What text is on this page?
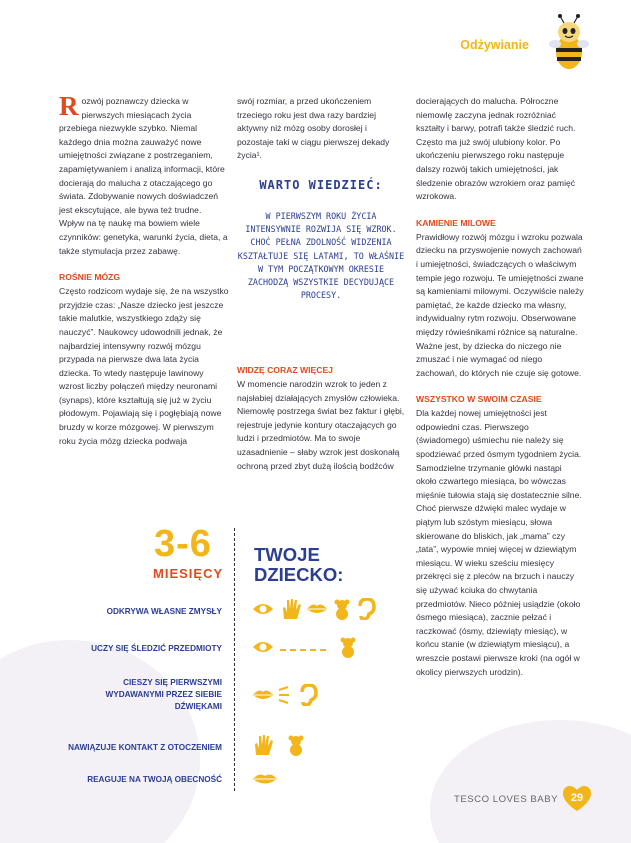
Odżywianie

Rozwój poznawczy dziecka w pierwszych miesiącach życia przebiega niezwykle szybko. Niemal każdego dnia można zauważyć nowe umiejętności związane z postrzeganiem, zapamiętywaniem i analizą informacji, które docierają do malucha z otaczającego go świata. Zdobywanie nowych doświadczeń jest ekscytujące, ale bywa też trudne. Wpływ na tę naukę ma bowiem wiele czynników: genetyka, warunki życia, dieta, a także stymulacja przez zabawę.

ROŚNIE MÓZG

Często rodzicom wydaje się, że na wszystko przyjdzie czas: „Nasze dziecko jest jeszcze takie malutkie, wszystkiego zdąży się nauczyć”. Naukowcy udowodnili jednak, że najbardziej intensywny rozwój mózgu przypada na pierwsze dwa lata życia dziecka. To wtedy następuje lawinowy wzrost liczby połączeń między neuronami (synaps), które kształtują się już w życiu płodowym. Pojawiają się i pogłębiają nowe bruzdy w korze mózgowej. W pierwszym roku życia mózg dziecka podwaja

swój rozmiar, a przed ukończeniem trzeciego roku jest dwa razy bardziej aktywny niż mózg osoby dorosłej i pozostaje taki w ciągu pierwszej dekady życia¹.

WARTO WIEDZIEĆ:
W PIERWSZYM ROKU ŻYCIA INTENSYWNIE ROZWIJA SIĘ WZROK. CHOĆ PEŁNA ZDOLNOŚĆ WIDZENIA KSZTAŁTUJE SIĘ LATAMI, TO WŁAŚNIE W TYM POCZĄTKOWYM OKRESIE ZACHODZĄ WSZYSTKIE DECYDUJĄCE PROCESY.
WIDZĘ CORAZ WIĘCEJ

W momencie narodzin wzrok to jeden z najsłabiej działających zmysłów człowieka. Niemowlę postrzega świat bez faktur i głębi, rejestruje jedynie kontury otaczających go ludzi i przedmiotów. Ma to swoje uzasadnienie – słaby wzrok jest doskonałą ochroną przed zbyt dużą ilością bodźców

docierających do malucha. Półroczne niemowlę zaczyna jednak rozróżniać kształty i barwy, potrafi także śledzić ruch. Często ma już swój ulubiony kolor. Po ukończeniu pierwszego roku następuje dalszy rozwój takich umiejętności, jak śledzenie obrazów wzrokiem oraz pamięć wzrokowa.

KAMIENIE MILOWE

Prawidłowy rozwój mózgu i wzroku pozwala dziecku na przyswojenie nowych zachowań i umiejętności, świadczących o właściwym tempie jego rozwoju. Te umiejętności zwane są kamieniami milowymi. Oczywiście należy pamiętać, że każde dziecko ma własny, indywidualny rytm rozwoju. Obserwowane między rówieśnikami różnice są naturalne. Ważne jest, by dziecka do niczego nie zmuszać i nie wymagać od niego zachowań, do których nie czuje się gotowe.

WSZYSTKO W SWOIM CZASIE

Dla każdej nowej umiejętności jest odpowiedni czas. Pierwszego (świadomego) uśmiechu nie należy się spodziewać przed ósmym tygodniem życia. Samodzielne trzymanie główki nastąpi około czwartego miesiąca, bo wówczas mięśnie tułowia stają się dostatecznie silne. Choć pierwsze dźwięki malec wydaje w piątym lub szóstym miesiącu, słowa skierowane do bliskich, jak „mama” czy „tata”, wypowie mniej więcej w dziewiątym miesiącu. W wieku sześciu miesięcy przekręci się z pleców na brzuch i nauczy się używać kciuka do chwytania przedmiotów. Nieco później usiądzie (około ósmego miesiąca), zacznie pełzać i raczkować (ósmy, dziewiąty miesiąc), w końcu stanie (w dziewiątym miesiącu), a wreszcie postawi pierwsze kroki (na ogół w okolicy pierwszych urodzin).

3-6
MIESIĘCY
TWOJE
DZIECKO:
ODKRYWA WŁASNE ZMYSŁY
UCZY SIĘ ŚLEDZIĆ PRZEDMIOTY
CIESZY SIĘ PIERWSZYMI WYDAWANYMI PRZEZ SIEBIE DŹWIĘKAMI
NAWIĄZUJE KONTAKT Z OTOCZENIEM
REAGUJE NA TWOJĄ OBECNOŚĆ
TESCO LOVES BABY 29
